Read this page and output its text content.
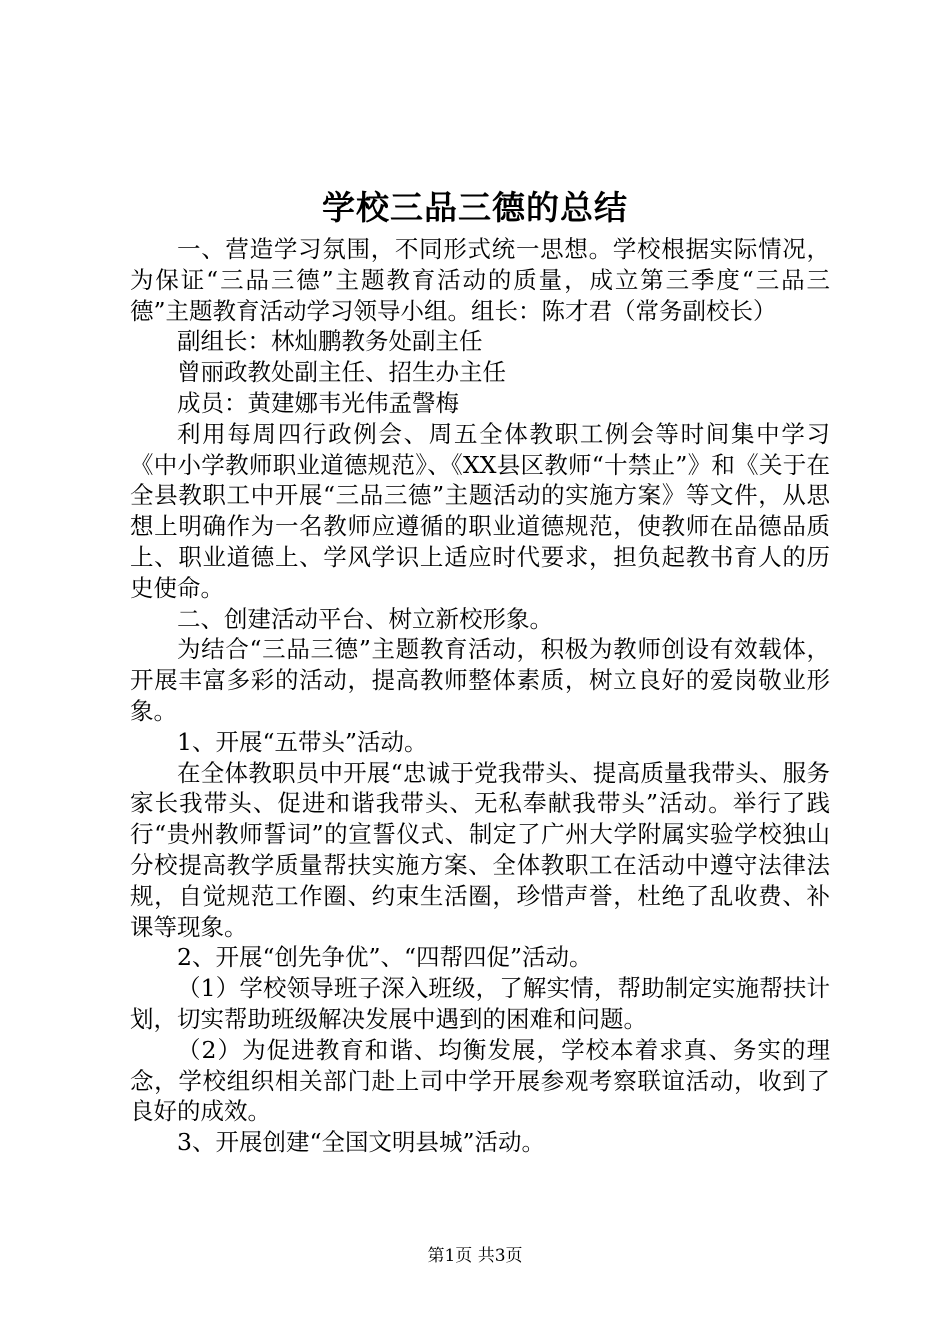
学校三品三德的总结

一、营造学习氛围，不同形式统一思想。学校根据实际情况，为保证“三品三德”主题教育活动的质量，成立第三季度“三品三德”主题教育活动学习领导小组。组长：陈才君（常务副校长）

副组长：林灿鹏教务处副主任

曾丽政教处副主任、招生办主任

成员：黄建娜韦光伟孟謦梅

利用每周四行政例会、周五全体教职工例会等时间集中学习《中小学教师职业道德规范》、《XX县区教师“十禁止”》和《关于在全县教职工中开展“三品三德”主题活动的实施方案》等文件，从思想上明确作为一名教师应遵循的职业道德规范，使教师在品德品质上、职业道德上、学风学识上适应时代要求，担负起教书育人的历史使命。

二、创建活动平台、树立新校形象。

为结合“三品三德”主题教育活动，积极为教师创设有效载体，开展丰富多彩的活动，提高教师整体素质，树立良好的爱岗敬业形象。

1、开展“五带头”活动。

在全体教职员中开展“忠诚于党我带头、提高质量我带头、服务家长我带头、促进和谐我带头、无私奉献我带头”活动。举行了践行“贵州教师誓词”的宣誓仪式、制定了广州大学附属实验学校独山分校提高教学质量帮扶实施方案、全体教职工在活动中遵守法律法规，自觉规范工作圈、约束生活圈，珍惜声誉，杜绝了乱收费、补课等现象。

2、开展“创先争优”、“四帮四促”活动。

（1）学校领导班子深入班级，了解实情，帮助制定实施帮扶计划，切实帮助班级解决发展中遇到的困难和问题。

（2）为促进教育和谐、均衡发展，学校本着求真、务实的理念，学校组织相关部门赴上司中学开展参观考察联谊活动，收到了良好的成效。

3、开展创建“全国文明县城”活动。

第1页 共3页
